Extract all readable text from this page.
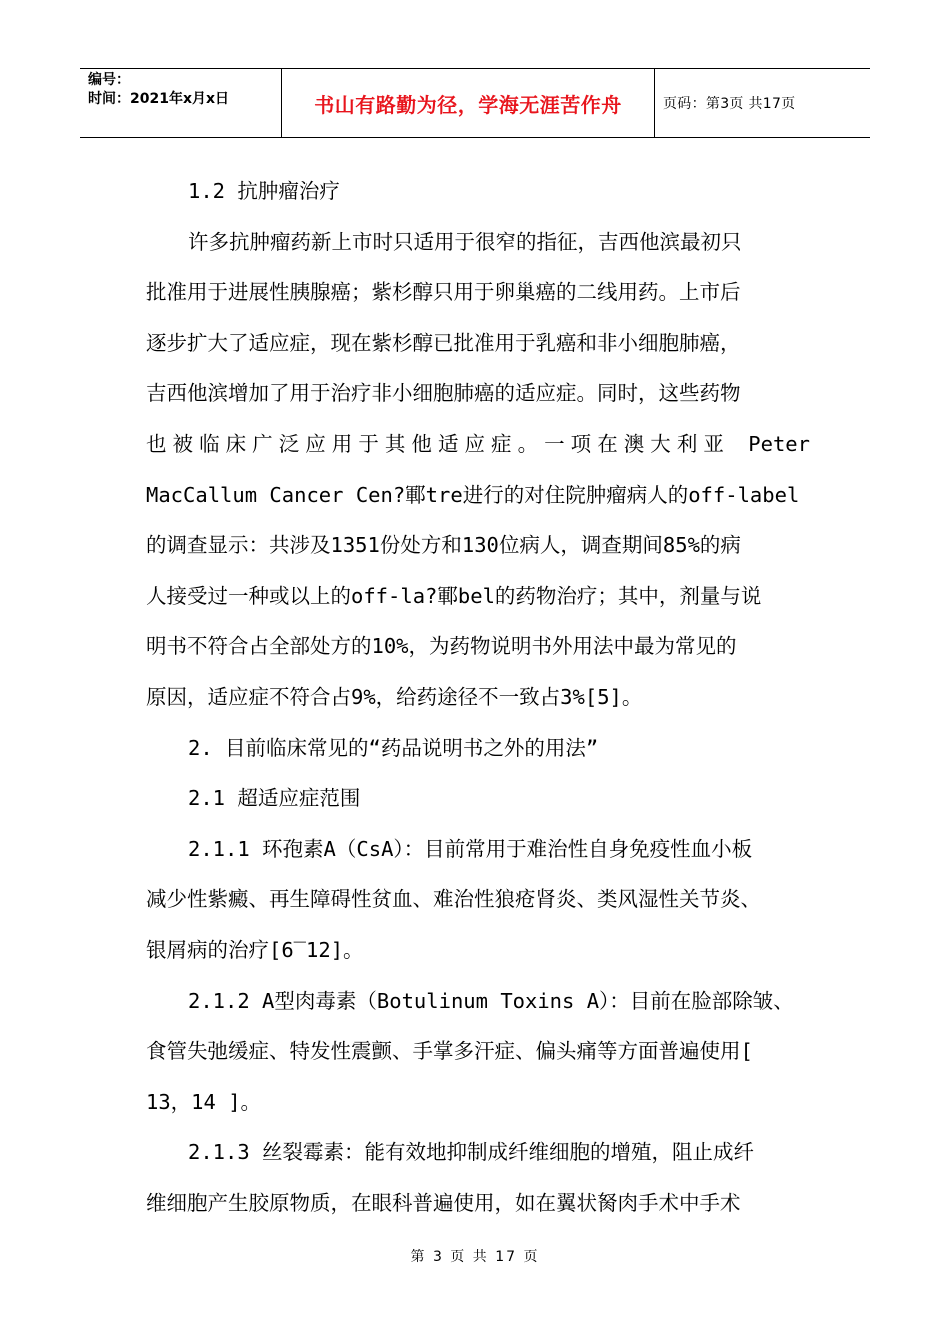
编号：
时间：2021年x月x日	书山有路勤为径，学海无涯苦作舟	页码：第3页 共17页
1.2 抗肿瘤治疗
许多抗肿瘤药新上市时只适用于很窄的指征，吉西他滨最初只
批准用于进展性胰腺癌；紫杉醇只用于卵巢癌的二线用药。上市后
逐步扩大了适应症，现在紫杉醇已批准用于乳癌和非小细胞肺癌，
吉西他滨增加了用于治疗非小细胞肺癌的适应症。同时，这些药物
也被临床广泛应用于其他适应症。一项在澳大利亚 Peter
MacCallum Cancer Cen?鄆tre进行的对住院肿瘤病人的off-label
的调查显示：共涉及1351份处方和130位病人，调查期间85%的病
人接受过一种或以上的off-la?鄆bel的药物治疗；其中，剂量与说
明书不符合占全部处方的10%，为药物说明书外用法中最为常见的
原因，适应症不符合占9%，给药途径不一致占3%[5]。
2. 目前临床常见的“药品说明书之外的用法”
2.1 超适应症范围
2.1.1 环孢素A（CsA）：目前常用于难治性自身免疫性血小板
减少性紫癜、再生障碍性贫血、难治性狼疮肾炎、类风湿性关节炎、
银屑病的治疗[6‾12]。
2.1.2 A型肉毒素（Botulinum Toxins A）：目前在脸部除皱、
食管失弛缓症、特发性震颤、手掌多汗症、偏头痛等方面普遍使用[
13，14 ]。
2.1.3 丝裂霉素：能有效地抑制成纤维细胞的增殖，阻止成纤
维细胞产生胶原物质，在眼科普遍使用，如在翼状胬肉手术中手术
第 3 页 共 17 页
